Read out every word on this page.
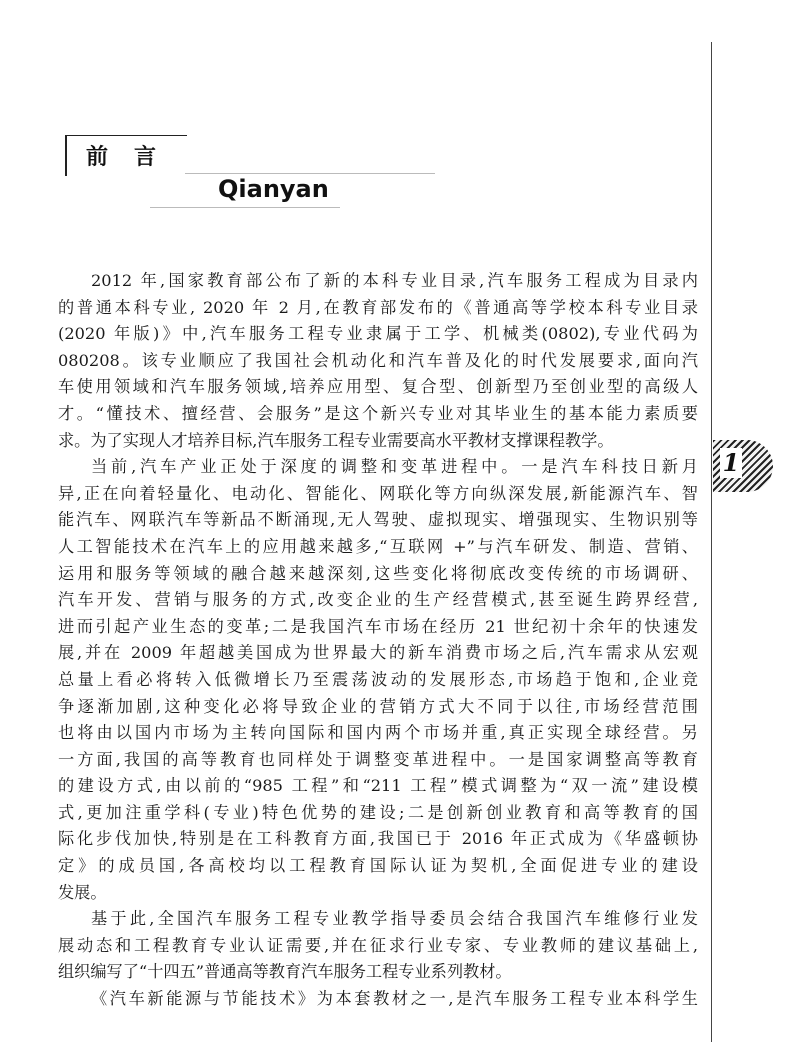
前言
Qianyan
1
2012 年,国家教育部公布了新的本科专业目录,汽车服务工程成为目录内
的普通本科专业, 2020 年 2 月,在教育部发布的《普通高等学校本科专业目录
(2020 年版)》中,汽车服务工程专业隶属于工学、机械类(0802),专业代码为
080208。该专业顺应了我国社会机动化和汽车普及化的时代发展要求,面向汽
车使用领域和汽车服务领域,培养应用型、复合型、创新型乃至创业型的高级人
才。“懂技术、擅经营、会服务”是这个新兴专业对其毕业生的基本能力素质要
求。为了实现人才培养目标,汽车服务工程专业需要高水平教材支撑课程教学。
当前,汽车产业正处于深度的调整和变革进程中。一是汽车科技日新月
异,正在向着轻量化、电动化、智能化、网联化等方向纵深发展,新能源汽车、智
能汽车、网联汽车等新品不断涌现,无人驾驶、虚拟现实、增强现实、生物识别等
人工智能技术在汽车上的应用越来越多,“互联网 +”与汽车研发、制造、营销、
运用和服务等领域的融合越来越深刻,这些变化将彻底改变传统的市场调研、
汽车开发、营销与服务的方式,改变企业的生产经营模式,甚至诞生跨界经营,
进而引起产业生态的变革;二是我国汽车市场在经历 21 世纪初十余年的快速发
展,并在 2009 年超越美国成为世界最大的新车消费市场之后,汽车需求从宏观
总量上看必将转入低微增长乃至震荡波动的发展形态,市场趋于饱和,企业竞
争逐渐加剧,这种变化必将导致企业的营销方式大不同于以往,市场经营范围
也将由以国内市场为主转向国际和国内两个市场并重,真正实现全球经营。另
一方面,我国的高等教育也同样处于调整变革进程中。一是国家调整高等教育
的建设方式,由以前的“985 工程”和“211 工程”模式调整为“双一流”建设模
式,更加注重学科(专业)特色优势的建设;二是创新创业教育和高等教育的国
际化步伐加快,特别是在工科教育方面,我国已于 2016 年正式成为《华盛顿协
定》的成员国,各高校均以工程教育国际认证为契机,全面促进专业的建设
发展。
基于此,全国汽车服务工程专业教学指导委员会结合我国汽车维修行业发
展动态和工程教育专业认证需要,并在征求行业专家、专业教师的建议基础上,
组织编写了“十四五”普通高等教育汽车服务工程专业系列教材。
《汽车新能源与节能技术》为本套教材之一,是汽车服务工程专业本科学生
